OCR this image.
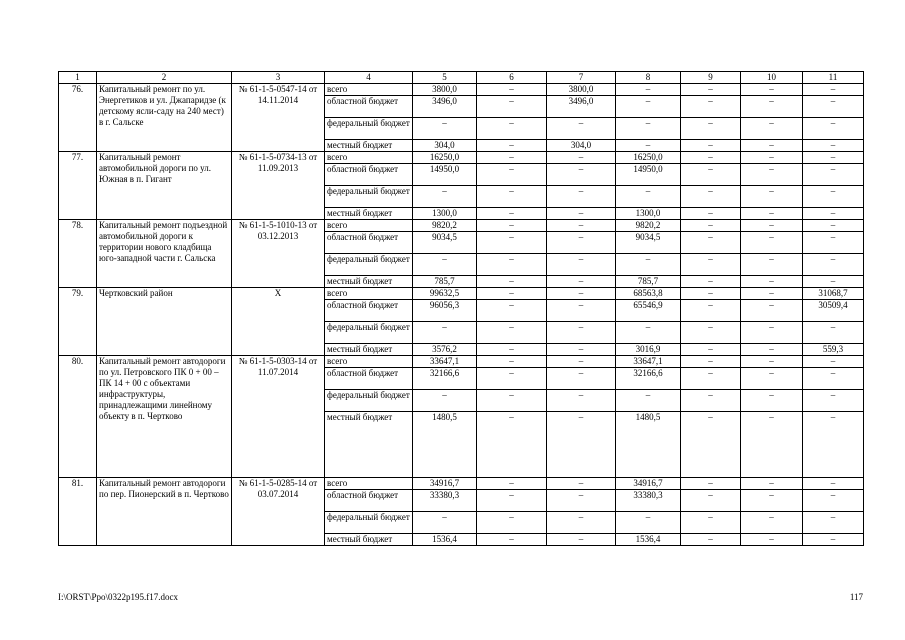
1	2	3	4	5	6	7	8	9	10	11
76.	Капитальный ремонт по ул. Энергетиков и ул. Джапаридзе (к детскому ясли-саду на 240 мест) в г. Сальске	№ 61-1-5-0547-14 от 14.11.2014	всего	3800,0	–	3800,0	–	–	–	–
			областной бюджет	3496,0	–	3496,0	–	–	–	–
			федеральный бюджет	–	–	–	–	–	–	–
			местный бюджет	304,0	–	304,0	–	–	–	–
77.	Капитальный ремонт автомобильной дороги по ул. Южная в п. Гигант	№ 61-1-5-0734-13 от 11.09.2013	всего	16250,0	–	–	16250,0	–	–	–
			областной бюджет	14950,0	–	–	14950,0	–	–	–
			федеральный бюджет	–	–	–	–	–	–	–
			местный бюджет	1300,0	–	–	1300,0	–	–	–
78.	Капитальный ремонт подъездной автомобильной дороги к территории нового кладбища юго-западной части г. Сальска	№ 61-1-5-1010-13 от 03.12.2013	всего	9820,2	–	–	9820,2	–	–	–
			областной бюджет	9034,5	–	–	9034,5	–	–	–
			федеральный бюджет	–	–	–	–	–	–	–
			местный бюджет	785,7	–	–	785,7	–	–	–
79.	Чертковский район	Х	всего	99632,5	–	–	68563,8	–	–	31068,7
			областной бюджет	96056,3	–	–	65546,9	–	–	30509,4
			федеральный бюджет	–	–	–	–	–	–	–
			местный бюджет	3576,2	–	–	3016,9	–	–	559,3
80.	Капитальный ремонт автодороги по ул. Петровского ПК 0 + 00 – ПК 14 + 00 с объектами инфраструктуры, принадлежащими линейному объекту в п. Чертково	№ 61-1-5-0303-14 от 11.07.2014	всего	33647,1	–	–	33647,1	–	–	–
			областной бюджет	32166,6	–	–	32166,6	–	–	–
			федеральный бюджет	–	–	–	–	–	–	–
			местный бюджет	1480,5	–	–	1480,5	–	–	–
81.	Капитальный ремонт автодороги по пер. Пионерский в п. Чертково	№ 61-1-5-0285-14 от 03.07.2014	всего	34916,7	–	–	34916,7	–	–	–
			областной бюджет	33380,3	–	–	33380,3	–	–	–
			федеральный бюджет	–	–	–	–	–	–	–
			местный бюджет	1536,4	–	–	1536,4	–	–	–
I:\ORST\Ppo\0322p195.f17.docx	117
